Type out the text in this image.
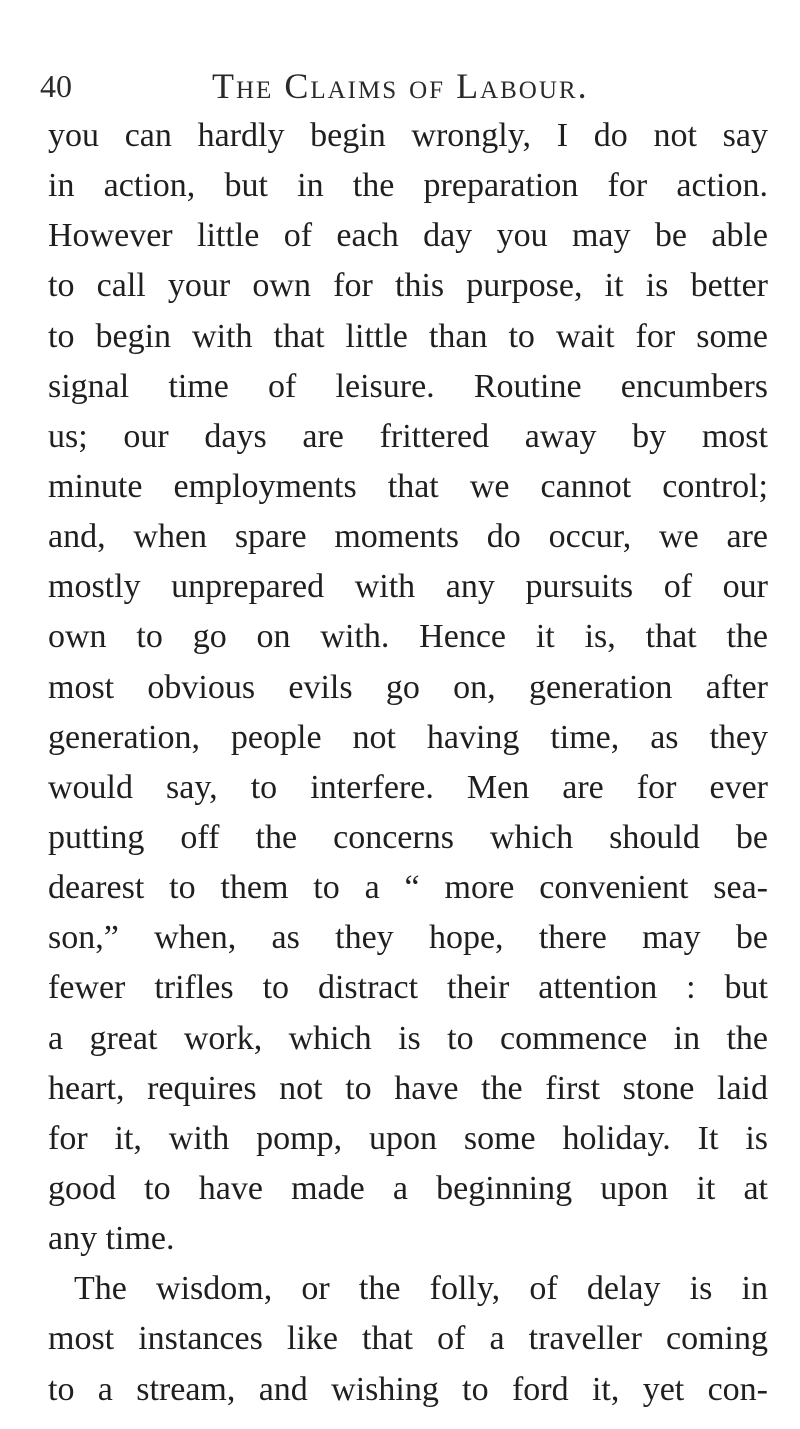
40	The Claims of Labour.
you can hardly begin wrongly, I do not say
in action, but in the preparation for action.
However little of each day you may be able
to call your own for this purpose, it is better
to begin with that little than to wait for some
signal time of leisure. Routine encumbers
us; our days are frittered away by most
minute employments that we cannot control;
and, when spare moments do occur, we are
mostly unprepared with any pursuits of our
own to go on with. Hence it is, that the
most obvious evils go on, generation after
generation, people not having time, as they
would say, to interfere. Men are for ever
putting off the concerns which should be
dearest to them to a “ more convenient sea-
son,” when, as they hope, there may be
fewer trifles to distract their attention : but
a great work, which is to commence in the
heart, requires not to have the first stone laid
for it, with pomp, upon some holiday. It is
good to have made a beginning upon it at
any time.
The wisdom, or the folly, of delay is in
most instances like that of a traveller coming
to a stream, and wishing to ford it, yet con-
